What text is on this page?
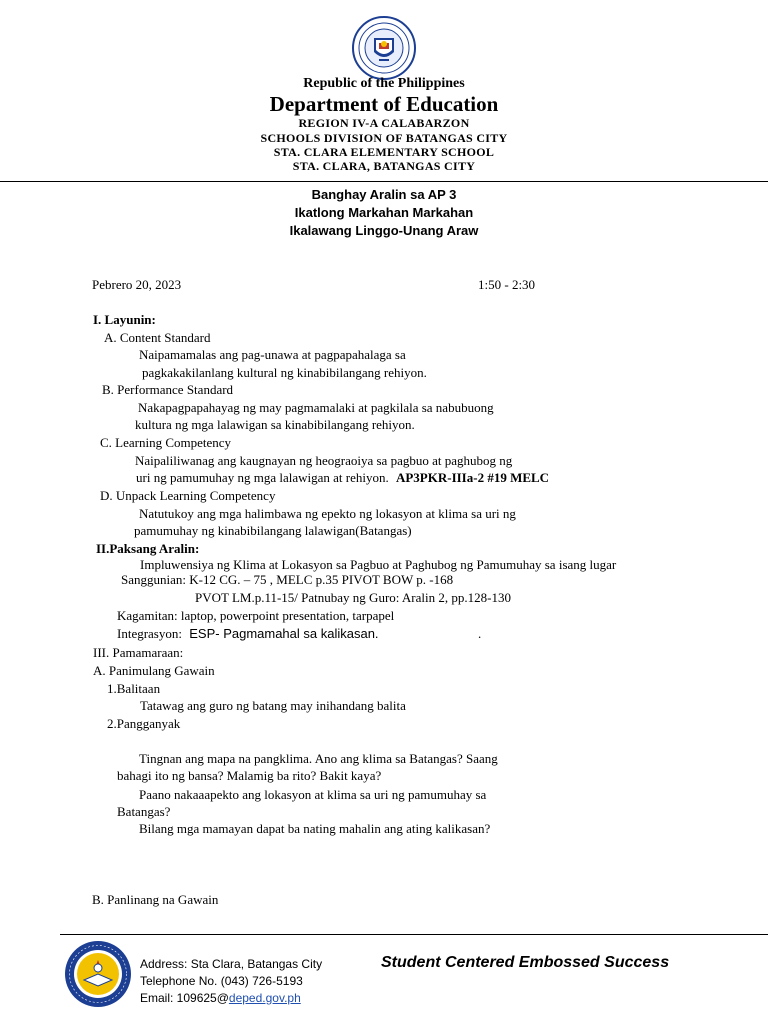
Republic of the Philippines
Department of Education
REGION IV-A CALABARZON
SCHOOLS DIVISION OF BATANGAS CITY
STA. CLARA ELEMENTARY SCHOOL
STA. CLARA, BATANGAS CITY
Banghay Aralin sa AP 3
Ikatlong Markahan Markahan
Ikalawang Linggo-Unang Araw
Pebrero 20, 2023	1:50 - 2:30
I. Layunin:
A. Content Standard
Naipamamalas ang pag-unawa at pagpapahalaga sa
pagkakakilanlang kultural ng kinabibilangang rehiyon.
B. Performance Standard
Nakapagpapahayag ng may pagmamalaki at pagkilala sa nabubuong
kultura ng mga lalawigan sa kinabibilangang rehiyon.
C. Learning Competency
Naipaliliwanag ang kaugnayan ng heograoiya sa pagbuo at paghubog ng
uri ng pamumuhay ng mga lalawigan at rehiyon. AP3PKR-IIIa-2 #19 MELC
D. Unpack Learning Competency
Natutukoy ang mga halimbawa ng epekto ng lokasyon at klima sa uri ng
pamumuhay ng kinabibilangang lalawigan(Batangas)
II.Paksang Aralin:
Impluwensiya ng Klima at Lokasyon sa Pagbuo at Paghubog ng Pamumuhay sa isang lugar
Sanggunian: K-12 CG. – 75 , MELC p.35 PIVOT BOW p. -168
PVOT LM.p.11-15/ Patnubay ng Guro: Aralin 2, pp.128-130
Kagamitan: laptop, powerpoint presentation, tarpapel
Integrasyon: ESP- Pagmamahal sa kalikasan.	.
III. Pamamaraan:
A. Panimulang Gawain
1.Balitaan
Tatawag ang guro ng batang may inihandang balita
2.Pangganyak
Tingnan ang mapa na pangklima. Ano ang klima sa Batangas? Saang
bahagi ito ng bansa? Malamig ba rito? Bakit kaya?
Paano nakaaapekto ang lokasyon at klima sa uri ng pamumuhay sa
Batangas?
Bilang mga mamayan dapat ba nating mahalin ang ating kalikasan?
B. Panlinang na Gawain
Address: Sta Clara, Batangas City
Telephone No. (043) 726-5193
Email: 109625@deped.gov.ph
Student Centered Embossed Success
